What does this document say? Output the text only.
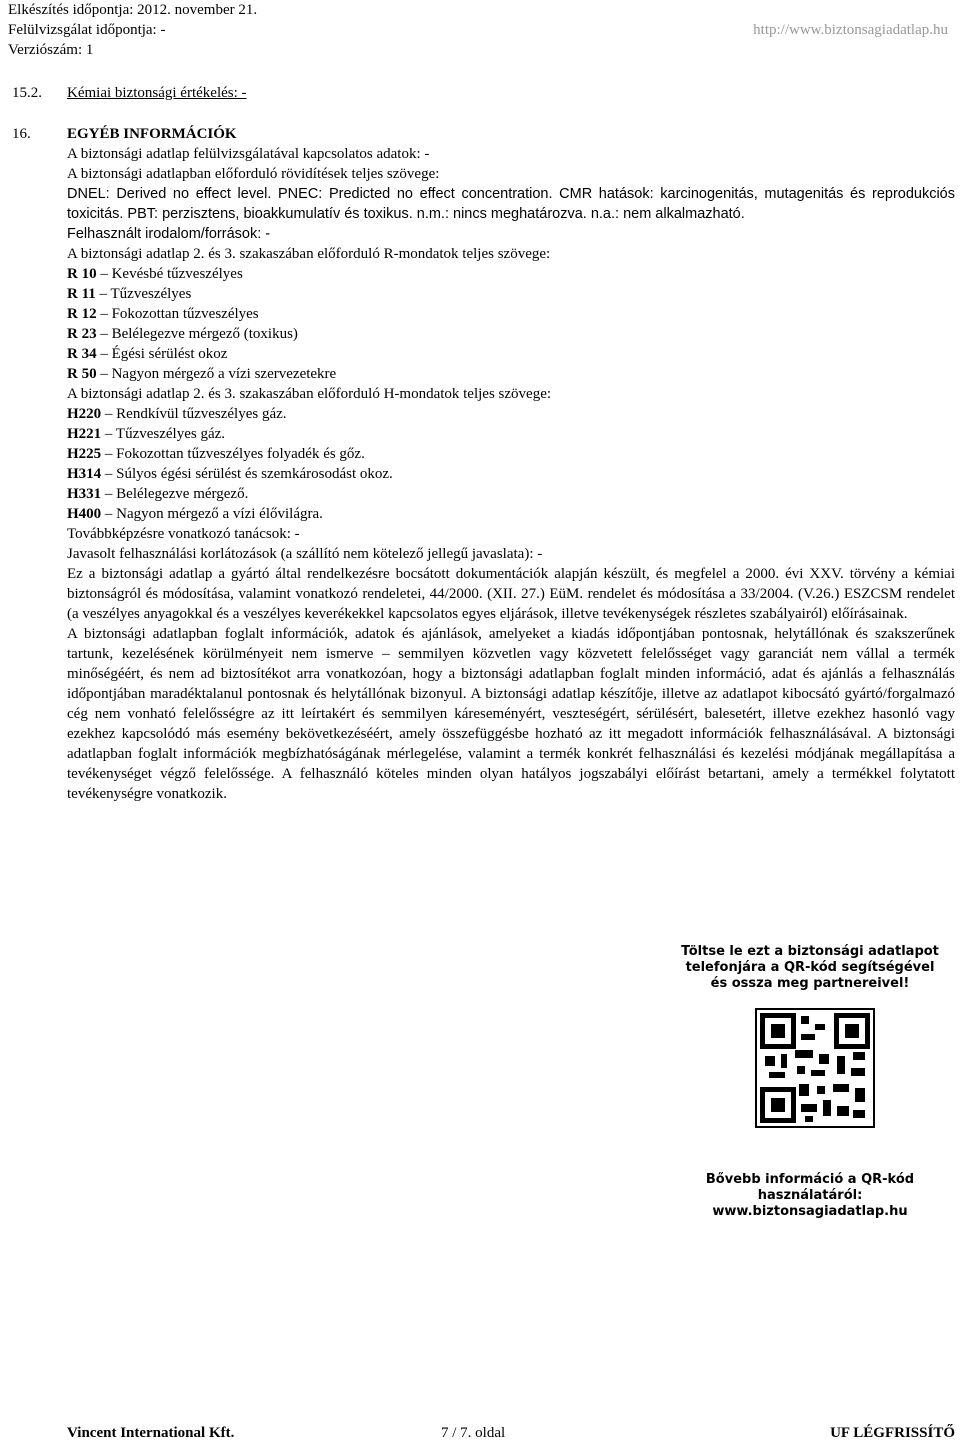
Elkészítés időpontja: 2012. november 21.
Felülvizsgálat időpontja: -
Verziószám: 1
http://www.biztonsagiadatlap.hu
15.2. Kémiai biztonsági értékelés: -
16. EGYÉB INFORMÁCIÓK
A biztonsági adatlap felülvizsgálatával kapcsolatos adatok: -
A biztonsági adatlapban előforduló rövidítések teljes szövege:
DNEL: Derived no effect level. PNEC: Predicted no effect concentration. CMR hatások: karcinogenitás, mutagenitás és reprodukciós toxicitás. PBT: perzisztens, bioakkumulatív és toxikus. n.m.: nincs meghatározva. n.a.: nem alkalmazható.
Felhasznált irodalom/források: -
A biztonsági adatlap 2. és 3. szakaszában előforduló R-mondatok teljes szövege:
R 10 – Kevésbé tűzveszélyes
R 11 – Tűzveszélyes
R 12 – Fokozottan tűzveszélyes
R 23 – Belélegezve mérgező (toxikus)
R 34 – Égési sérülést okoz
R 50 – Nagyon mérgező a vízi szervezetekre
A biztonsági adatlap 2. és 3. szakaszában előforduló H-mondatok teljes szövege:
H220 – Rendkívül tűzveszélyes gáz.
H221 – Tűzveszélyes gáz.
H225 – Fokozottan tűzveszélyes folyadék és gőz.
H314 – Súlyos égési sérülést és szemkárosodást okoz.
H331 – Belélegezve mérgező.
H400 – Nagyon mérgező a vízi élővilágra.
Továbbképzésre vonatkozó tanácsok: -
Javasolt felhasználási korlátozások (a szállító nem kötelező jellegű javaslata): -
Ez a biztonsági adatlap a gyártó által rendelkezésre bocsátott dokumentációk alapján készült, és megfelel a 2000. évi XXV. törvény a kémiai biztonságról és módosítása, valamint vonatkozó rendeletei, 44/2000. (XII. 27.) EüM. rendelet és módosítása a 33/2004. (V.26.) ESZCSM rendelet (a veszélyes anyagokkal és a veszélyes keverékekkel kapcsolatos egyes eljárások, illetve tevékenységek részletes szabályairól) előírásainak.
A biztonsági adatlapban foglalt információk, adatok és ajánlások, amelyeket a kiadás időpontjában pontosnak, helytállónak és szakszerűnek tartunk, kezelésének körülményeit nem ismerve – semmilyen közvetlen vagy közvetett felelősséget vagy garanciát nem vállal a termék minőségéért, és nem ad biztosítékot arra vonatkozóan, hogy a biztonsági adatlapban foglalt minden információ, adat és ajánlás a felhasználás időpontjában maradéktalanul pontosnak és helytállónak bizonyul. A biztonsági adatlap készítője, illetve az adatlapot kibocsátó gyártó/forgalmazó cég nem vonható felelősségre az itt leírtakért és semmilyen káreseményért, veszteségért, sérülésért, balesetért, illetve ezekhez hasonló vagy ezekhez kapcsolódó más esemény bekövetkezéséért, amely összefüggésbe hozható az itt megadott információk felhasználásával. A biztonsági adatlapban foglalt információk megbízhatóságának mérlegelése, valamint a termék konkrét felhasználási és kezelési módjának megállapítása a tevékenységet végző felelőssége. A felhasználó köteles minden olyan hatályos jogszabályi előírást betartani, amely a termékkel folytatott tevékenységre vonatkozik.
Töltse le ezt a biztonsági adatlapot
telefonjára a QR-kód segítségével
és ossza meg partnereivel!
Bővebb információ a QR-kód
használatáról:
www.biztonsagiadatlap.hu
Vincent International Kft.	7 / 7. oldal	UF LÉGFRISSÍTŐ
